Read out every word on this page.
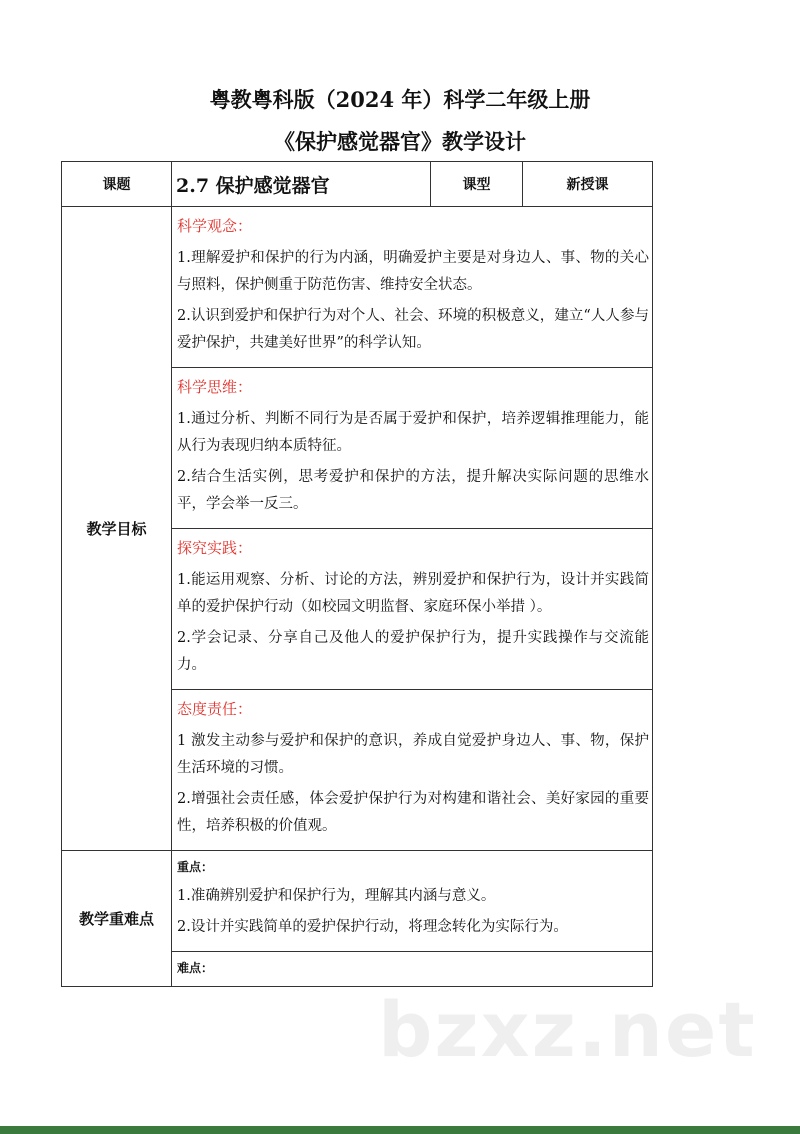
粤教粤科版（2024 年）科学二年级上册
《保护感觉器官》教学设计
课题	2.7 保护感觉器官	课型	新授课
教学目标	科学观念：

1.理解爱护和保护的行为内涵，明确爱护主要是对身边人、事、物的关心与照料，保护侧重于防范伤害、维持安全状态。

2.认识到爱护和保护行为对个人、社会、环境的积极意义，建立“人人参与爱护保护，共建美好世界”的科学认知。		

	科学思维：

1.通过分析、判断不同行为是否属于爱护和保护，培养逻辑推理能力，能从行为表现归纳本质特征。

2.结合生活实例，思考爱护和保护的方法，提升解决实际问题的思维水平，学会举一反三。		

	探究实践：

1.能运用观察、分析、讨论的方法，辨别爱护和保护行为，设计并实践简单的爱护保护行动（如校园文明监督、家庭环保小举措 ）。

2.学会记录、分享自己及他人的爱护保护行为，提升实践操作与交流能力。		

	态度责任：

1 激发主动参与爱护和保护的意识，养成自觉爱护身边人、事、物，保护生活环境的习惯。

2.增强社会责任感，体会爱护保护行为对构建和谐社会、美好家园的重要性，培养积极的价值观。		

教学重难点	重点：

1.准确辨别爱护和保护行为，理解其内涵与意义。

2.设计并实践简单的爱护保护行动，将理念转化为实际行为。		

	难点：		
bzxz.net
